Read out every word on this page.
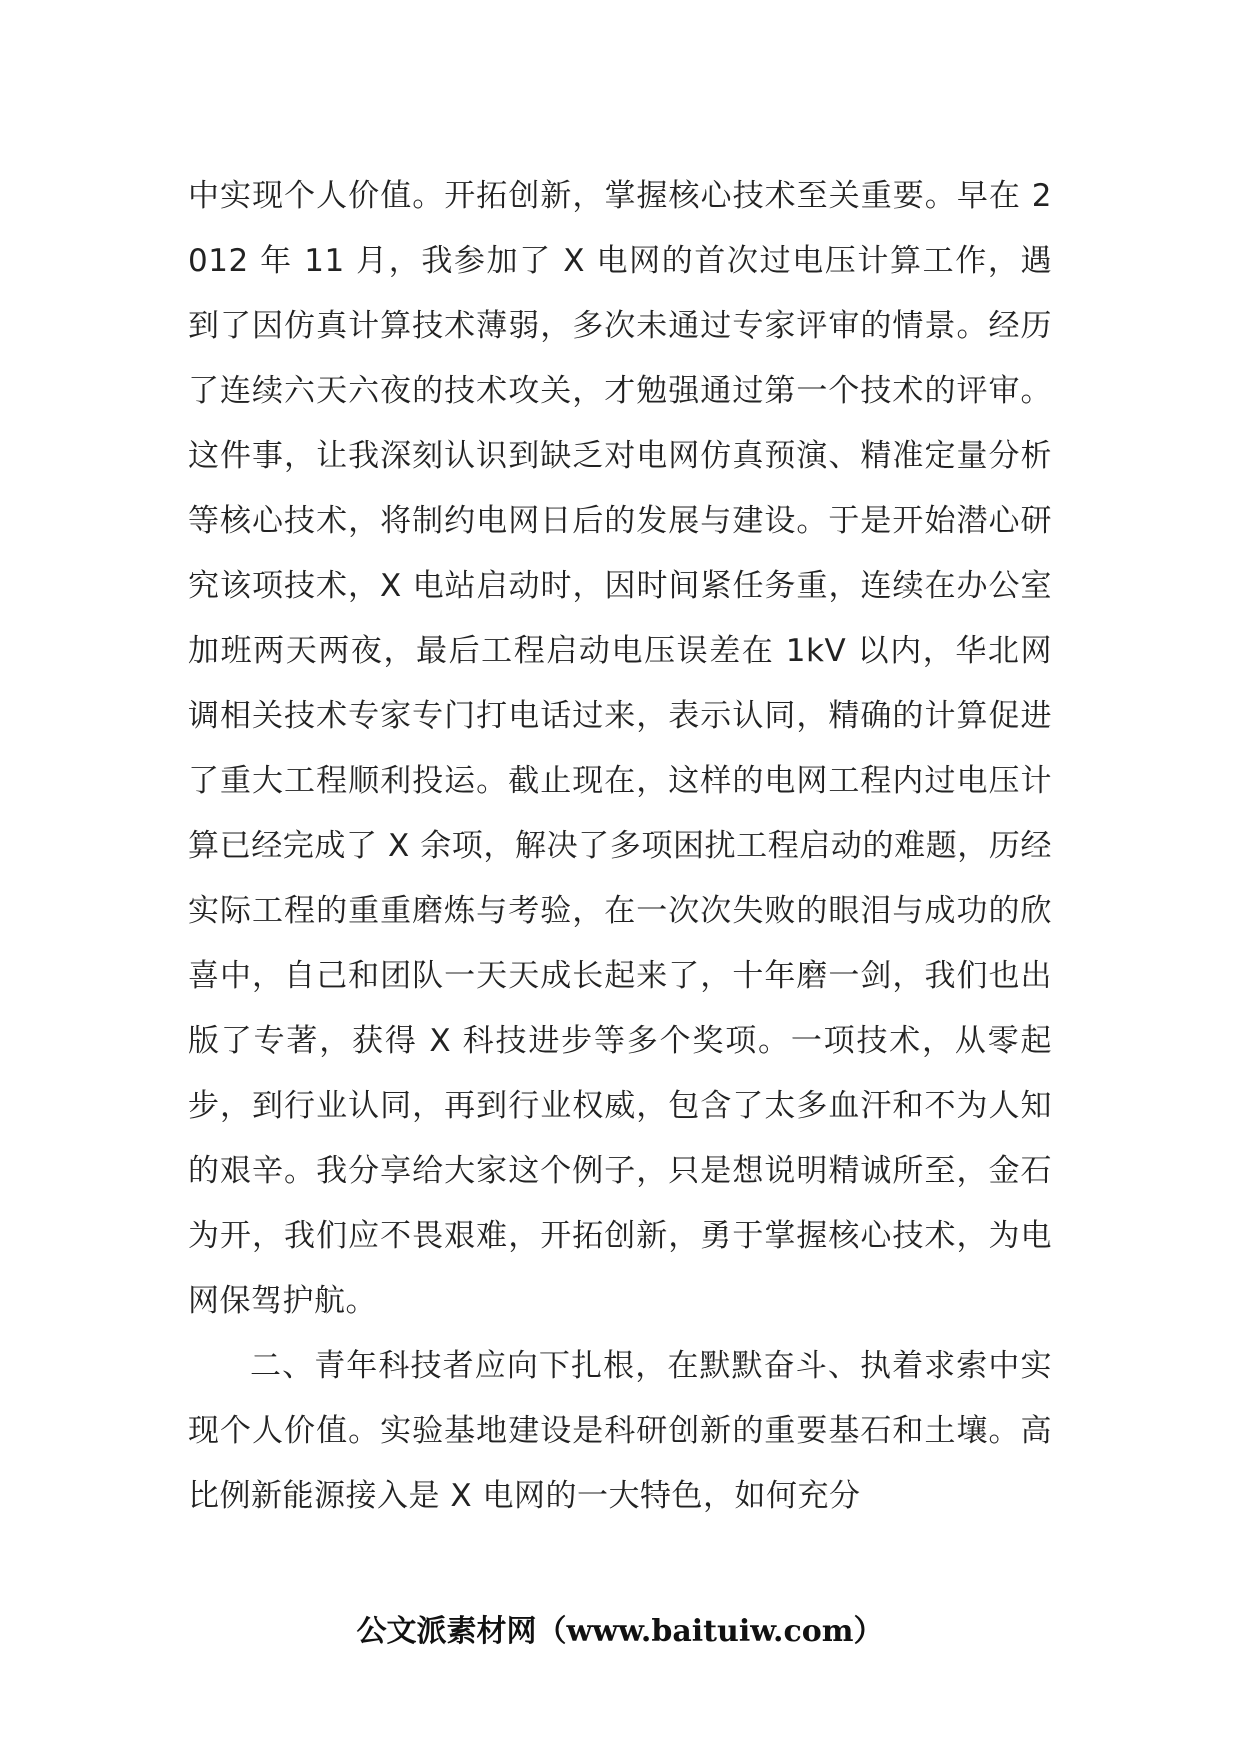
中实现个人价值。开拓创新，掌握核心技术至关重要。早在 2012 年 11 月，我参加了 X 电网的首次过电压计算工作，遇到了因仿真计算技术薄弱，多次未通过专家评审的情景。经历了连续六天六夜的技术攻关，才勉强通过第一个技术的评审。这件事，让我深刻认识到缺乏对电网仿真预演、精准定量分析等核心技术，将制约电网日后的发展与建设。于是开始潜心研究该项技术，X 电站启动时，因时间紧任务重，连续在办公室加班两天两夜，最后工程启动电压误差在 1kV 以内，华北网调相关技术专家专门打电话过来，表示认同，精确的计算促进了重大工程顺利投运。截止现在，这样的电网工程内过电压计算已经完成了 X 余项，解决了多项困扰工程启动的难题，历经实际工程的重重磨炼与考验，在一次次失败的眼泪与成功的欣喜中，自己和团队一天天成长起来了，十年磨一剑，我们也出版了专著，获得 X 科技进步等多个奖项。一项技术，从零起步，到行业认同，再到行业权威，包含了太多血汗和不为人知的艰辛。我分享给大家这个例子，只是想说明精诚所至，金石为开，我们应不畏艰难，开拓创新，勇于掌握核心技术，为电网保驾护航。

二、青年科技者应向下扎根，在默默奋斗、执着求索中实现个人价值。实验基地建设是科研创新的重要基石和土壤。高比例新能源接入是 X 电网的一大特色，如何充分

公文派素材网（www.baituiw.com）
